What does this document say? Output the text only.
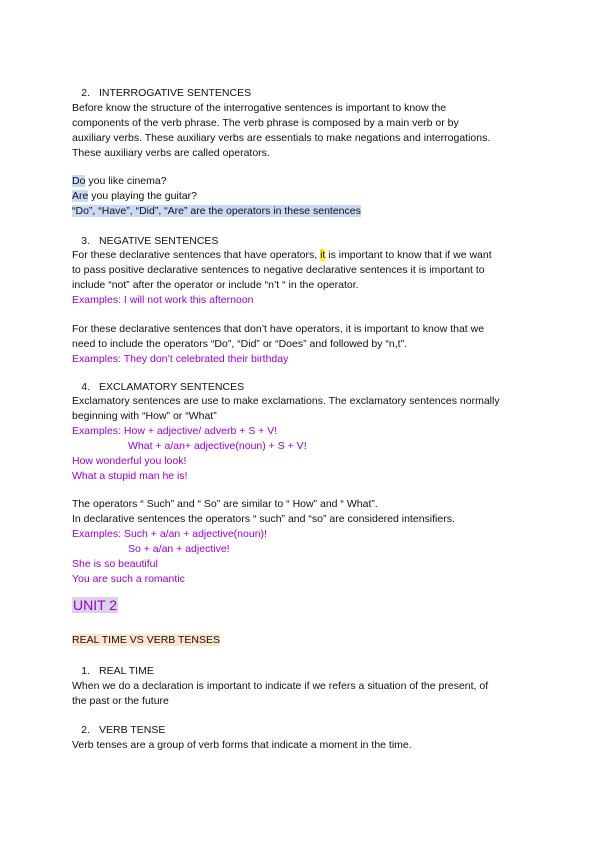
2. INTERROGATIVE SENTENCES
Before know the structure of the interrogative sentences is important to know the
components of the verb phrase. The verb phrase is composed by a main verb or by
auxiliary verbs. These auxiliary verbs are essentials to make negations and interrogations.
These auxiliary verbs are called operators.
Do you like cinema?
Are you playing the guitar?
“Do”, “Have”, “Did”, “Are” are the operators in these sentences
3. NEGATIVE SENTENCES
For these declarative sentences that have operators, it is important to know that if we want
to pass positive declarative sentences to negative declarative sentences it is important to
include “not” after the operator or include “n’t “ in the operator.
Examples: I will not work this afternoon
For these declarative sentences that don’t have operators, it is important to know that we
need to include the operators “Do”, “Did” or “Does” and followed by “n,t”.
Examples: They don’t celebrated their birthday
4. EXCLAMATORY SENTENCES
Exclamatory sentences are use to make exclamations. The exclamatory sentences normally
beginning with “How” or “What”
Examples: How + adjective/ adverb + S + V!
What + a/an+ adjective(noun) + S + V!
How wonderful you look!
What a stupid man he is!
The operators “ Such” and “ So” are similar to “ How” and “ What”.
In declarative sentences the operators “ such” and “so” are considered intensifiers.
Examples: Such + a/an + adjective(noun)!
So + a/an + adjective!
She is so beautiful
You are such a romantic
UNIT 2
REAL TIME VS VERB TENSES
1. REAL TIME
When we do a declaration is important to indicate if we refers a situation of the present, of
the past or the future
2. VERB TENSE
Verb tenses are a group of verb forms that indicate a moment in the time.
